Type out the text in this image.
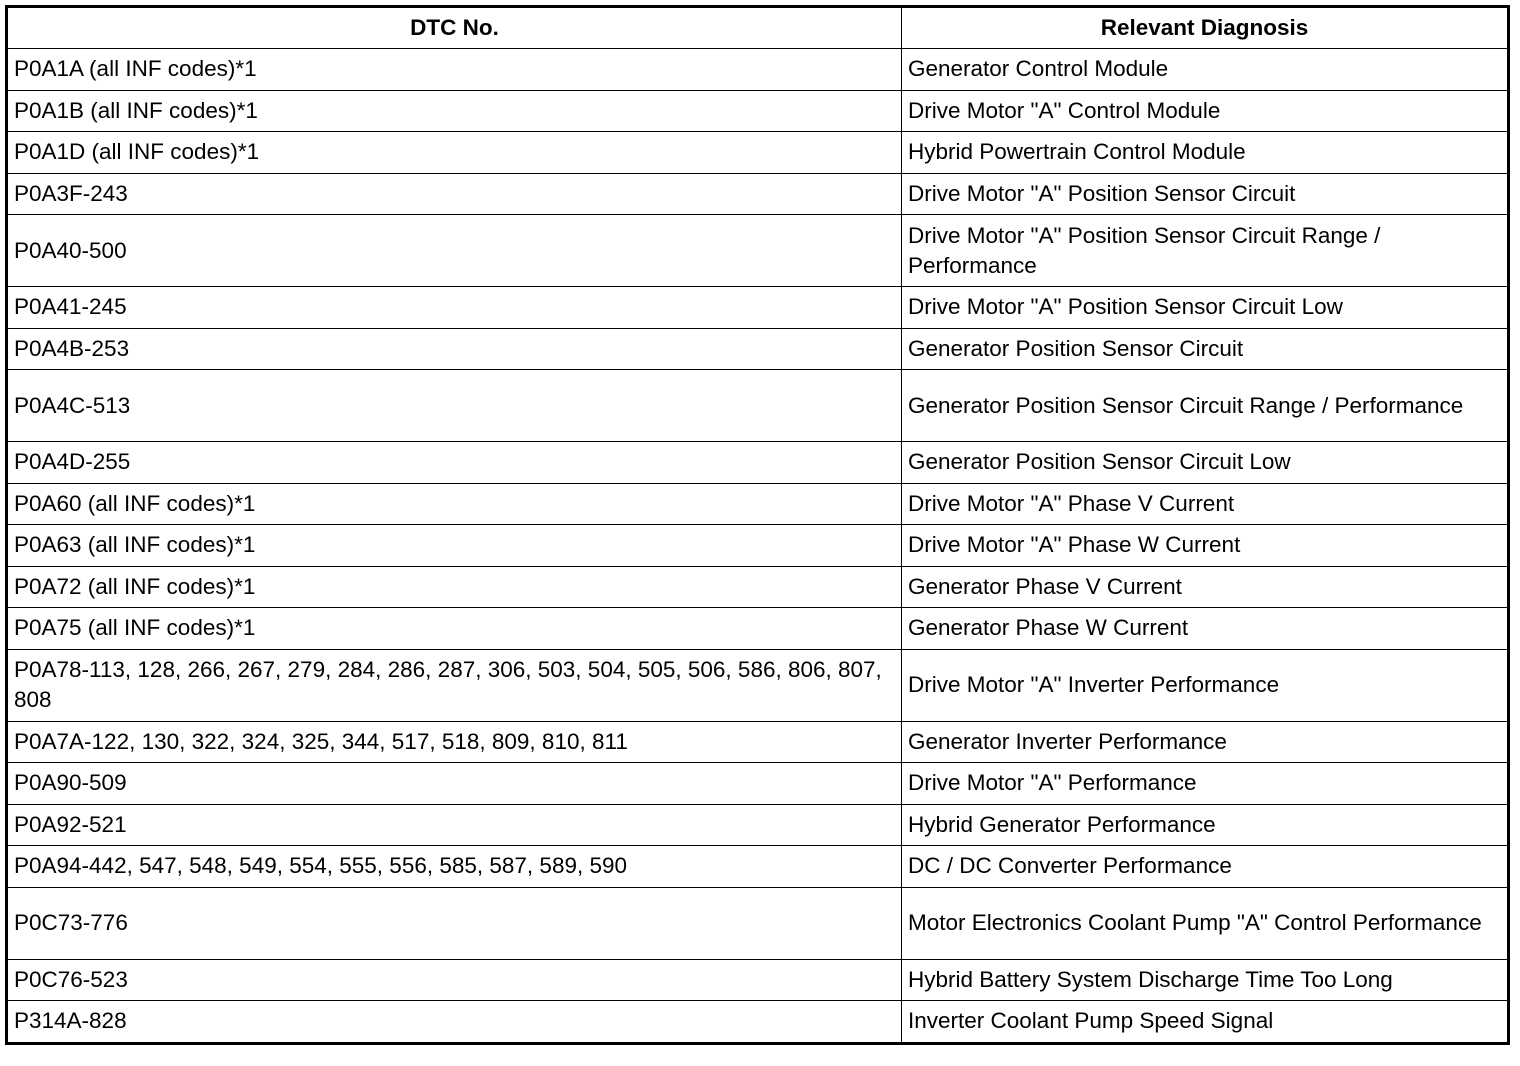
DTC No.	Relevant Diagnosis
P0A1A (all INF codes)*1	Generator Control Module
P0A1B (all INF codes)*1	Drive Motor "A" Control Module
P0A1D (all INF codes)*1	Hybrid Powertrain Control Module
P0A3F-243	Drive Motor "A" Position Sensor Circuit
P0A40-500	Drive Motor "A" Position Sensor Circuit Range / Performance
P0A41-245	Drive Motor "A" Position Sensor Circuit Low
P0A4B-253	Generator Position Sensor Circuit
P0A4C-513	Generator Position Sensor Circuit Range / Performance
P0A4D-255	Generator Position Sensor Circuit Low
P0A60 (all INF codes)*1	Drive Motor "A" Phase V Current
P0A63 (all INF codes)*1	Drive Motor "A" Phase W Current
P0A72 (all INF codes)*1	Generator Phase V Current
P0A75 (all INF codes)*1	Generator Phase W Current
P0A78-113, 128, 266, 267, 279, 284, 286, 287, 306, 503, 504, 505, 506, 586, 806, 807, 808	Drive Motor "A" Inverter Performance
P0A7A-122, 130, 322, 324, 325, 344, 517, 518, 809, 810, 811	Generator Inverter Performance
P0A90-509	Drive Motor "A" Performance
P0A92-521	Hybrid Generator Performance
P0A94-442, 547, 548, 549, 554, 555, 556, 585, 587, 589, 590	DC / DC Converter Performance
P0C73-776	Motor Electronics Coolant Pump "A" Control Performance
P0C76-523	Hybrid Battery System Discharge Time Too Long
P314A-828	Inverter Coolant Pump Speed Signal
